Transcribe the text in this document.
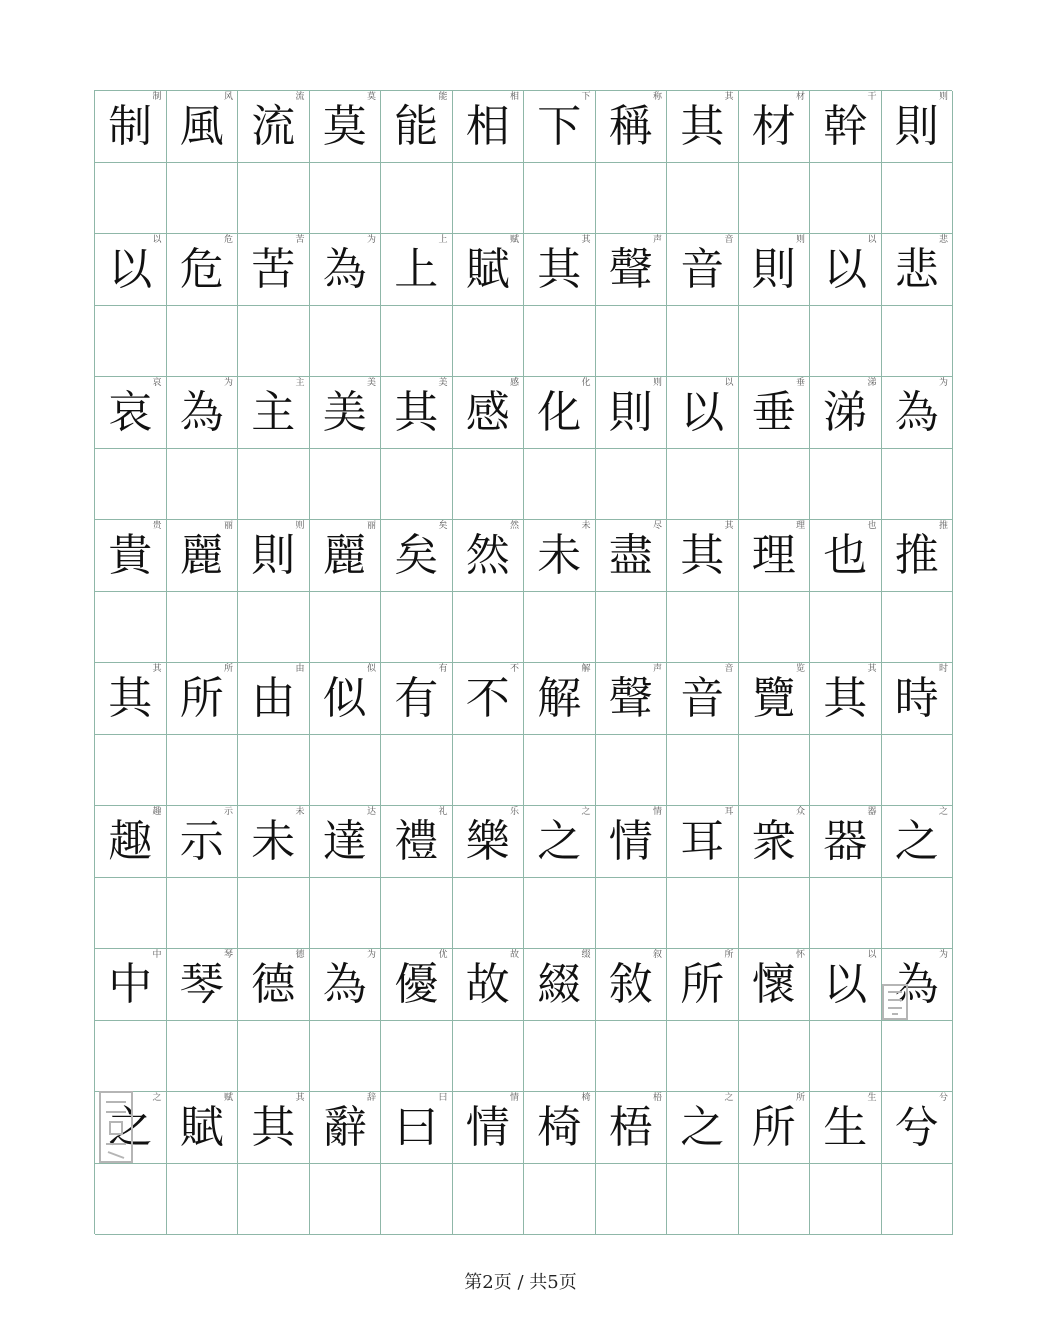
制
制
风
風
流
流
莫
莫
能
能
相
相
下
下
称
稱
其
其
材
材
干
幹
则
則
以
以
危
危
苦
苦
为
為
上
上
赋
賦
其
其
声
聲
音
音
则
則
以
以
悲
悲
哀
哀
为
為
主
主
美
美
美
其
感
感
化
化
则
則
以
以
垂
垂
涕
涕
为
為
贵
貴
丽
麗
则
則
丽
麗
矣
矣
然
然
未
未
尽
盡
其
其
理
理
也
也
推
推
其
其
所
所
由
由
似
似
有
有
不
不
解
解
声
聲
音
音
览
覽
其
其
时
時
趣
趣
示
示
未
未
达
達
礼
禮
乐
樂
之
之
情
情
耳
耳
众
衆
器
器
之
之
中
中
琴
琴
德
德
为
為
优
優
故
故
缀
綴
叙
敘
所
所
怀
懷
以
以
为
為
之
之
赋
賦
其
其
辞
辭
曰
曰
情
情
椅
椅
梧
梧
之
之
所
所
生
生
兮
兮
第2页 / 共5页
